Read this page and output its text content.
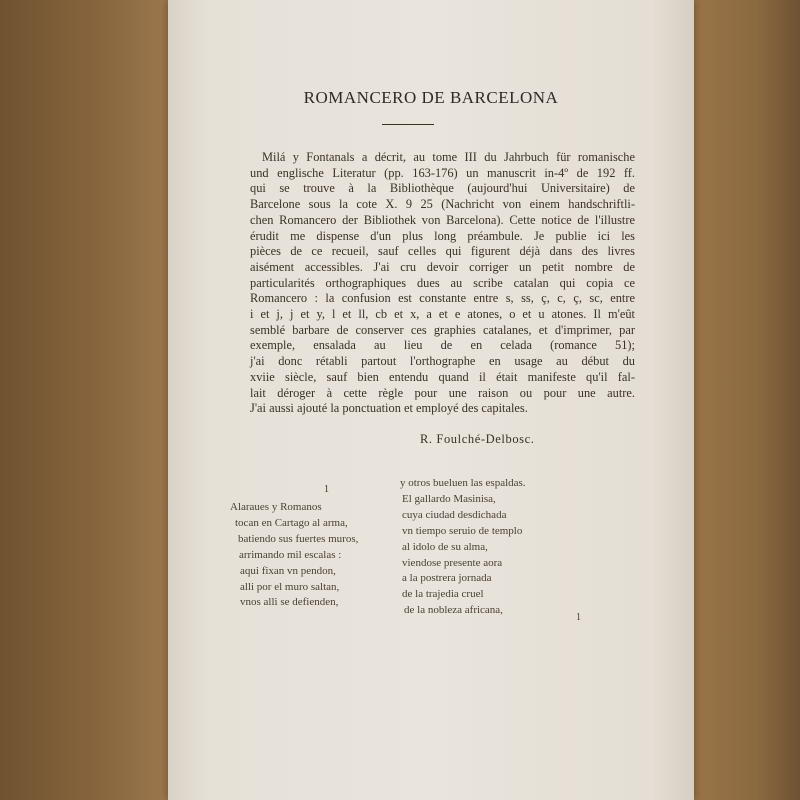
ROMANCERO DE BARCELONA
Milá y Fontanals a décrit, au tome III du Jahrbuch für romanische
und englische Literatur (pp. 163-176) un manuscrit in-4º de 192 ff.
qui se trouve à la Bibliothèque (aujourd'hui Universitaire) de
Barcelone sous la cote X. 9 25 (Nachricht von einem handschriftli-
chen Romancero der Bibliothek von Barcelona). Cette notice de l'illustre
érudit me dispense d'un plus long préambule. Je publie ici les
pièces de ce recueil, sauf celles qui figurent déjà dans des livres
aisément accessibles. J'ai cru devoir corriger un petit nombre de
particularités orthographiques dues au scribe catalan qui copia ce
Romancero : la confusion est constante entre s, ss, ç, c, ç, sc, entre
i et j, j et y, l et ll, cb et x, a et e atones, o et u atones. Il m'eût
semblé barbare de conserver ces graphies catalanes, et d'imprimer, par exemple, ensalada au lieu de en celada (romance 51);
j'ai donc rétabli partout l'orthographe en usage au début du
xviie siècle, sauf bien entendu quand il était manifeste qu'il fal-
lait déroger à cette règle pour une raison ou pour une autre.
J'ai aussi ajouté la ponctuation et employé des capitales.
R. Foulché-Delbosc.
1
Alaraues y Romanos
tocan en Cartago al arma,
batiendo sus fuertes muros,
arrimando mil escalas :
aqui fixan vn pendon,
alli por el muro saltan,
vnos alli se defienden,
y otros bueluen las espaldas.
El gallardo Masinisa,
cuya ciudad desdichada
vn tiempo seruio de templo
al idolo de su alma,
viendose presente aora
a la postrera jornada
de la trajedia cruel
de la nobleza africana,
1
